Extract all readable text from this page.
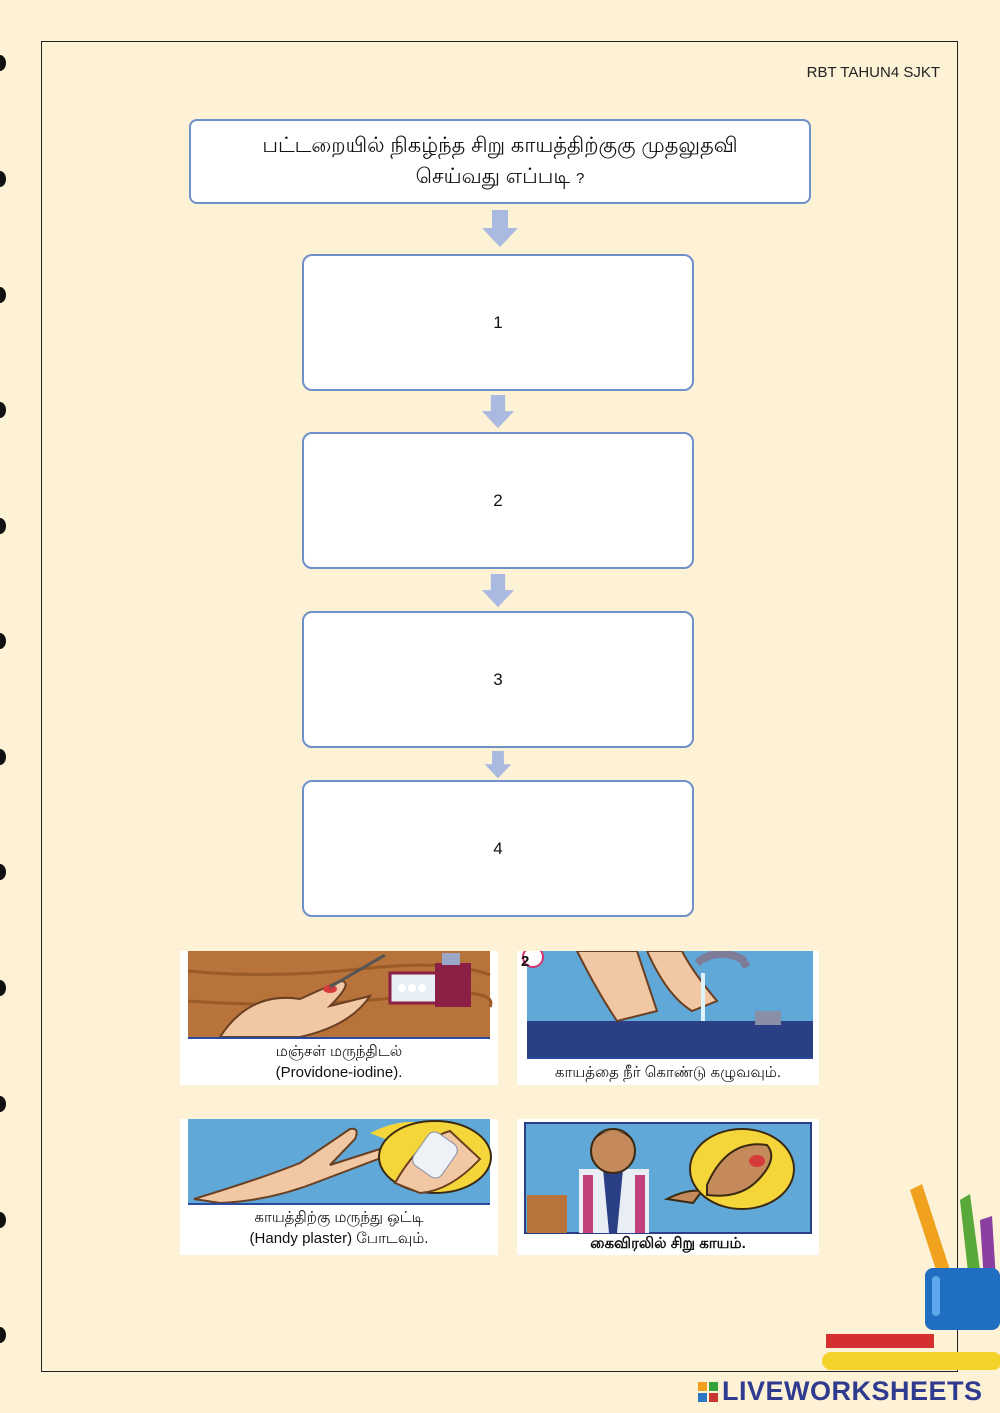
RBT TAHUN4 SJKT
பட்டறையில் நிகழ்ந்த சிறு காயத்திற்குகு முதலுதவி
செய்வது எப்படி ?
1
2
3
4
மஞ்சள் மருந்திடல்
(Providone-iodine).
2
காயத்தை நீர் கொண்டு கழுவவும்.
காயத்திற்கு மருந்து ஒட்டி
(Handy plaster) போடவும்.	கைவிரலில் சிறு காயம்.
LIVEWORKSHEETS
